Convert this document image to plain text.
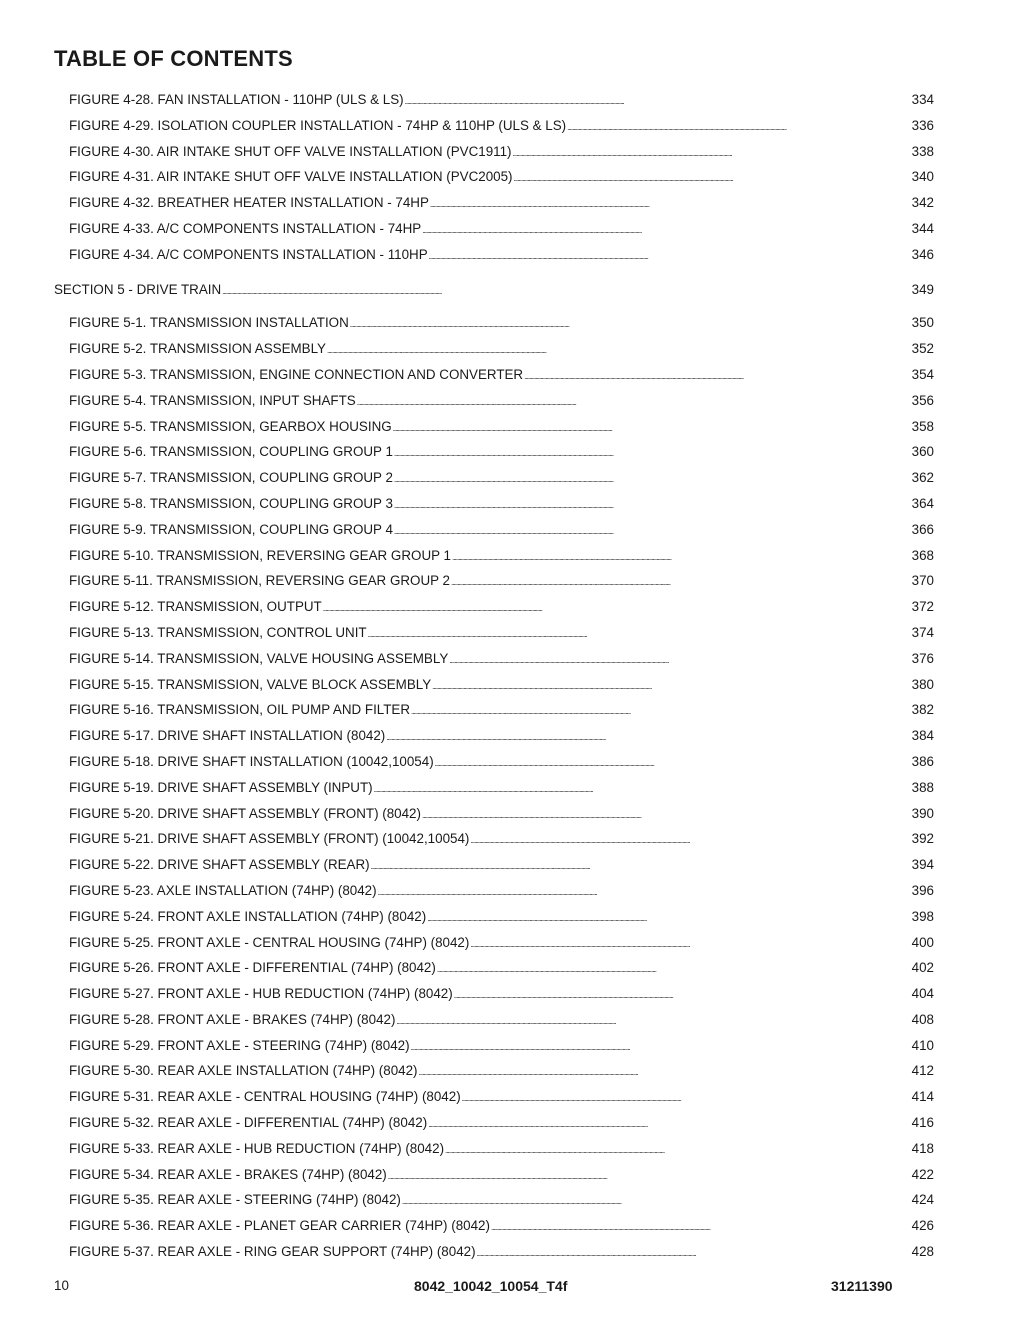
TABLE OF CONTENTS
FIGURE 4-28. FAN INSTALLATION - 110HP (ULS & LS) . . .	334
FIGURE 4-29. ISOLATION COUPLER INSTALLATION - 74HP & 110HP (ULS & LS) . . .	336
FIGURE 4-30. AIR INTAKE SHUT OFF VALVE INSTALLATION (PVC1911) . . .	338
FIGURE 4-31. AIR INTAKE SHUT OFF VALVE INSTALLATION (PVC2005) . . .	340
FIGURE 4-32. BREATHER HEATER INSTALLATION - 74HP . . .	342
FIGURE 4-33. A/C COMPONENTS INSTALLATION - 74HP . . .	344
FIGURE 4-34. A/C COMPONENTS INSTALLATION - 110HP . . .	346
SECTION 5 - DRIVE TRAIN . . .	349
FIGURE 5-1. TRANSMISSION INSTALLATION . . .	350
FIGURE 5-2. TRANSMISSION ASSEMBLY . . .	352
FIGURE 5-3. TRANSMISSION, ENGINE CONNECTION AND CONVERTER . . .	354
FIGURE 5-4. TRANSMISSION, INPUT SHAFTS . . .	356
FIGURE 5-5. TRANSMISSION, GEARBOX HOUSING . . .	358
FIGURE 5-6. TRANSMISSION, COUPLING GROUP 1 . . .	360
FIGURE 5-7. TRANSMISSION, COUPLING GROUP 2 . . .	362
FIGURE 5-8. TRANSMISSION, COUPLING GROUP 3 . . .	364
FIGURE 5-9. TRANSMISSION, COUPLING GROUP 4 . . .	366
FIGURE 5-10. TRANSMISSION, REVERSING GEAR GROUP 1 . . .	368
FIGURE 5-11. TRANSMISSION, REVERSING GEAR GROUP 2 . . .	370
FIGURE 5-12. TRANSMISSION, OUTPUT . . .	372
FIGURE 5-13. TRANSMISSION, CONTROL UNIT . . .	374
FIGURE 5-14. TRANSMISSION, VALVE HOUSING ASSEMBLY . . .	376
FIGURE 5-15. TRANSMISSION, VALVE BLOCK ASSEMBLY . . .	380
FIGURE 5-16. TRANSMISSION, OIL PUMP AND FILTER . . .	382
FIGURE 5-17. DRIVE SHAFT INSTALLATION (8042) . . .	384
FIGURE 5-18. DRIVE SHAFT INSTALLATION (10042,10054) . . .	386
FIGURE 5-19. DRIVE SHAFT ASSEMBLY (INPUT) . . .	388
FIGURE 5-20. DRIVE SHAFT ASSEMBLY (FRONT) (8042) . . .	390
FIGURE 5-21. DRIVE SHAFT ASSEMBLY (FRONT) (10042,10054) . . .	392
FIGURE 5-22. DRIVE SHAFT ASSEMBLY (REAR) . . .	394
FIGURE 5-23. AXLE INSTALLATION (74HP) (8042) . . .	396
FIGURE 5-24. FRONT AXLE INSTALLATION (74HP) (8042) . . .	398
FIGURE 5-25. FRONT AXLE - CENTRAL HOUSING (74HP) (8042) . . .	400
FIGURE 5-26. FRONT AXLE - DIFFERENTIAL (74HP) (8042) . . .	402
FIGURE 5-27. FRONT AXLE - HUB REDUCTION (74HP) (8042) . . .	404
FIGURE 5-28. FRONT AXLE - BRAKES (74HP) (8042) . . .	408
FIGURE 5-29. FRONT AXLE - STEERING (74HP) (8042) . . .	410
FIGURE 5-30. REAR AXLE INSTALLATION (74HP) (8042) . . .	412
FIGURE 5-31. REAR AXLE - CENTRAL HOUSING (74HP) (8042) . . .	414
FIGURE 5-32. REAR AXLE - DIFFERENTIAL (74HP) (8042) . . .	416
FIGURE 5-33. REAR AXLE - HUB REDUCTION (74HP) (8042) . . .	418
FIGURE 5-34. REAR AXLE - BRAKES (74HP) (8042) . . .	422
FIGURE 5-35. REAR AXLE - STEERING (74HP) (8042) . . .	424
FIGURE 5-36. REAR AXLE - PLANET GEAR CARRIER (74HP) (8042) . . .	426
FIGURE 5-37. REAR AXLE - RING GEAR SUPPORT (74HP) (8042) . . .	428
10	8042_10042_10054_T4f	31211390
